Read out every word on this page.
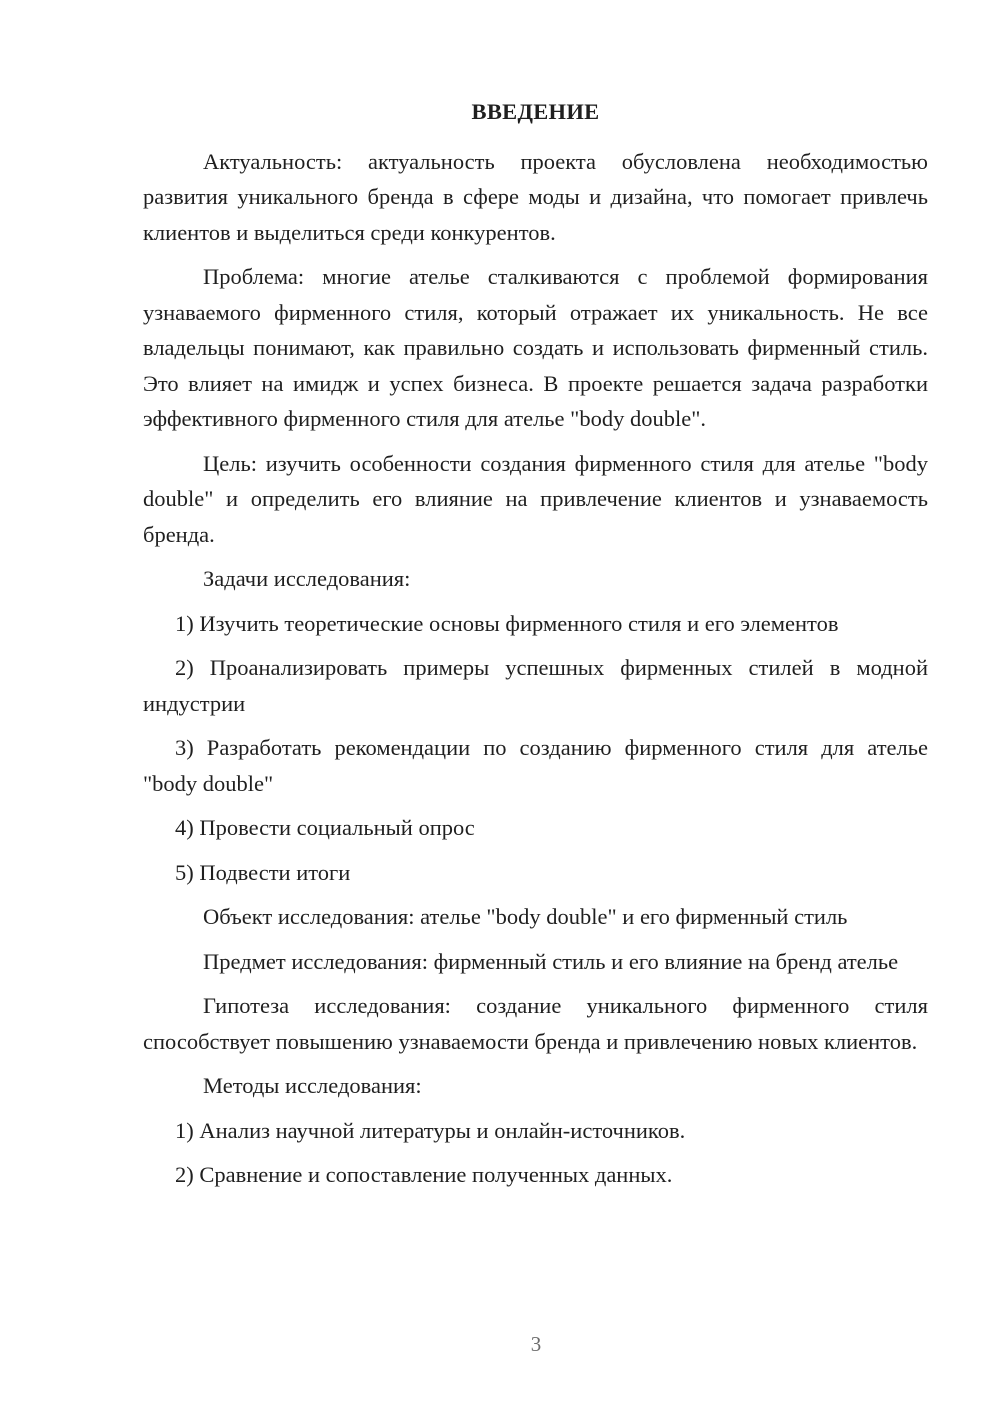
ВВЕДЕНИЕ
Актуальность: актуальность проекта обусловлена необходимостью развития уникального бренда в сфере моды и дизайна, что помогает привлечь клиентов и выделиться среди конкурентов.
Проблема: многие ателье сталкиваются с проблемой формирования узнаваемого фирменного стиля, который отражает их уникальность. Не все владельцы понимают, как правильно создать и использовать фирменный стиль. Это влияет на имидж и успех бизнеса. В проекте решается задача разработки эффективного фирменного стиля для ателье "body double".
Цель: изучить особенности создания фирменного стиля для ателье "body double" и определить его влияние на привлечение клиентов и узнаваемость бренда.
Задачи исследования:
1) Изучить теоретические основы фирменного стиля и его элементов
2) Проанализировать примеры успешных фирменных стилей в модной индустрии
3) Разработать рекомендации по созданию фирменного стиля для ателье "body double"
4) Провести социальный опрос
5) Подвести итоги
Объект исследования: ателье "body double" и его фирменный стиль
Предмет исследования: фирменный стиль и его влияние на бренд ателье
Гипотеза исследования: создание уникального фирменного стиля способствует повышению узнаваемости бренда и привлечению новых клиентов.
Методы исследования:
1) Анализ научной литературы и онлайн-источников.
2) Сравнение и сопоставление полученных данных.
3
